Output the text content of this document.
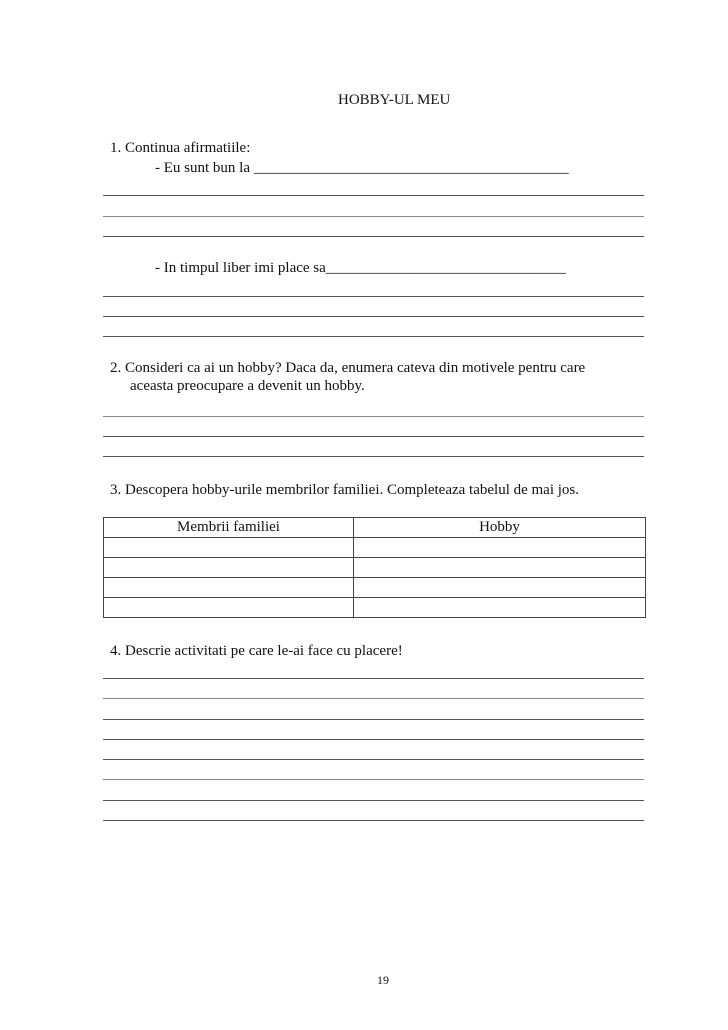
HOBBY-UL MEU
1. Continua afirmatiile:
- Eu sunt bun la __________________________________________
- In timpul liber imi place sa________________________________
2. Consideri ca ai un hobby? Daca da, enumera cateva din motivele pentru care
aceasta preocupare a devenit un hobby.
3. Descopera hobby-urile membrilor familiei. Completeaza tabelul de mai jos.
Membrii familiei	Hobby

4. Descrie activitati pe care le-ai face cu placere!
19
